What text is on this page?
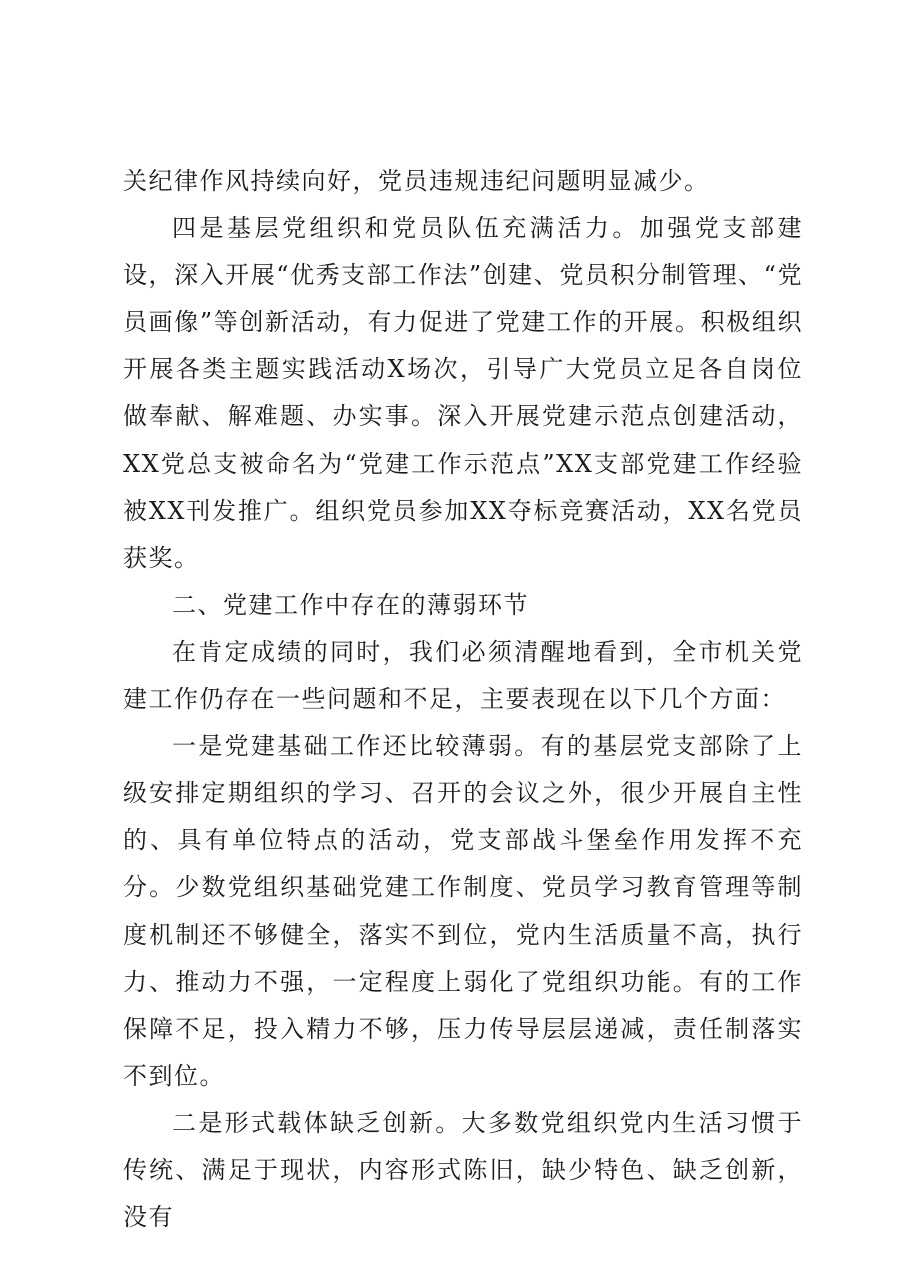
关纪律作风持续向好，党员违规违纪问题明显减少。

四是基层党组织和党员队伍充满活力。加强党支部建设，深入开展“优秀支部工作法”创建、党员积分制管理、“党员画像”等创新活动，有力促进了党建工作的开展。积极组织开展各类主题实践活动X场次，引导广大党员立足各自岗位做奉献、解难题、办实事。深入开展党建示范点创建活动，XX党总支被命名为“党建工作示范点”XX支部党建工作经验被XX刊发推广。组织党员参加XX夺标竞赛活动，XX名党员获奖。

二、党建工作中存在的薄弱环节

在肯定成绩的同时，我们必须清醒地看到，全市机关党建工作仍存在一些问题和不足，主要表现在以下几个方面：

一是党建基础工作还比较薄弱。有的基层党支部除了上级安排定期组织的学习、召开的会议之外，很少开展自主性的、具有单位特点的活动，党支部战斗堡垒作用发挥不充分。少数党组织基础党建工作制度、党员学习教育管理等制度机制还不够健全，落实不到位，党内生活质量不高，执行力、推动力不强，一定程度上弱化了党组织功能。有的工作保障不足，投入精力不够，压力传导层层递减，责任制落实不到位。

二是形式载体缺乏创新。大多数党组织党内生活习惯于传统、满足于现状，内容形式陈旧，缺少特色、缺乏创新，没有
